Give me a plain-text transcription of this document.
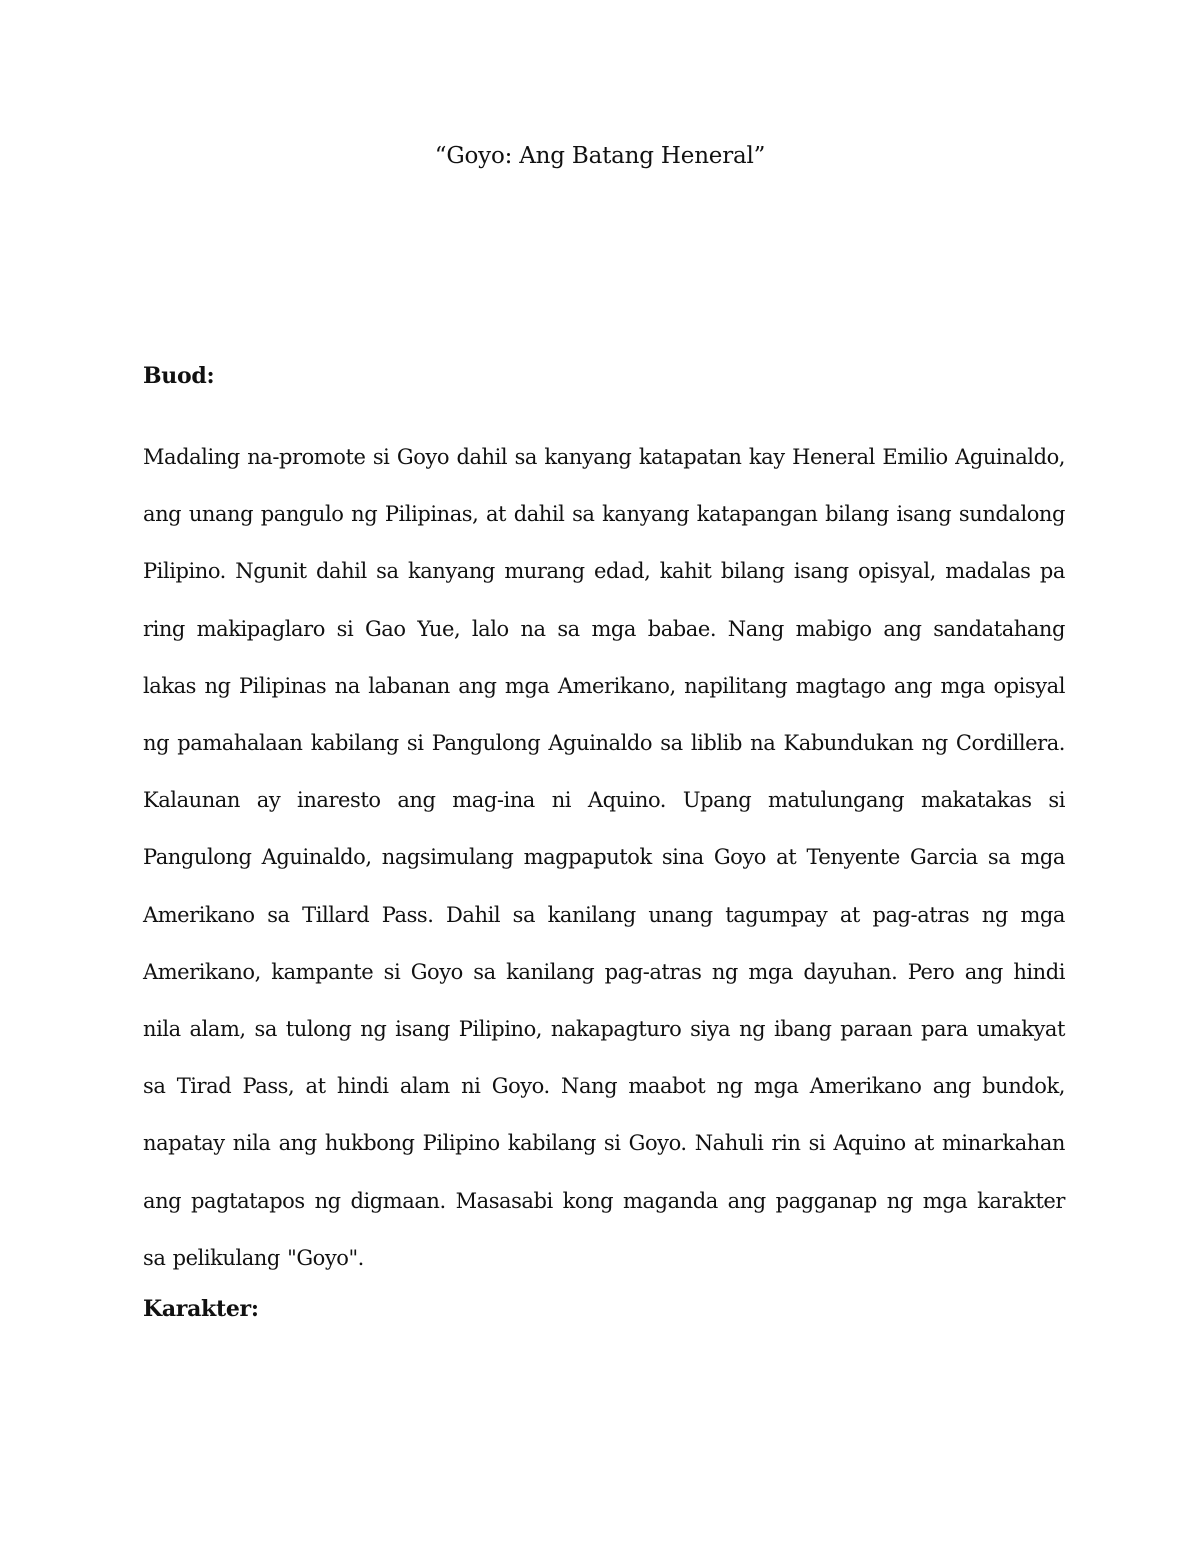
“Goyo: Ang Batang Heneral”
Buod:

Madaling na-promote si Goyo dahil sa kanyang katapatan kay Heneral Emilio Aguinaldo, ang unang pangulo ng Pilipinas, at dahil sa kanyang katapangan bilang isang sundalong Pilipino. Ngunit dahil sa kanyang murang edad, kahit bilang isang opisyal, madalas pa ring makipaglaro si Gao Yue, lalo na sa mga babae. Nang mabigo ang sandatahang lakas ng Pilipinas na labanan ang mga Amerikano, napilitang magtago ang mga opisyal ng pamahalaan kabilang si Pangulong Aguinaldo sa liblib na Kabundukan ng Cordillera. Kalaunan ay inaresto ang mag-ina ni Aquino. Upang matulungang makatakas si Pangulong Aguinaldo, nagsimulang magpaputok sina Goyo at Tenyente Garcia sa mga Amerikano sa Tillard Pass. Dahil sa kanilang unang tagumpay at pag-atras ng mga Amerikano, kampante si Goyo sa kanilang pag-atras ng mga dayuhan. Pero ang hindi nila alam, sa tulong ng isang Pilipino, nakapagturo siya ng ibang paraan para umakyat sa Tirad Pass, at hindi alam ni Goyo. Nang maabot ng mga Amerikano ang bundok, napatay nila ang hukbong Pilipino kabilang si Goyo. Nahuli rin si Aquino at minarkahan ang pagtatapos ng digmaan. Masasabi kong maganda ang pagganap ng mga karakter sa pelikulang "Goyo".

Karakter:
